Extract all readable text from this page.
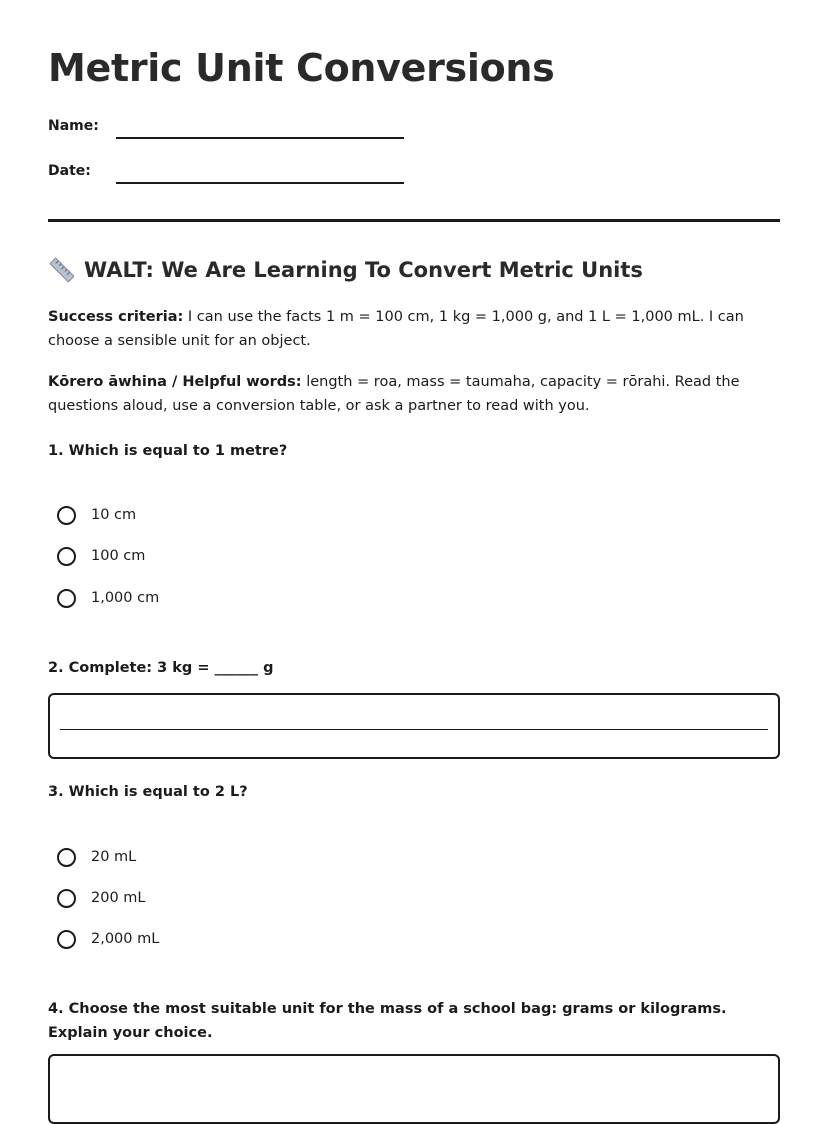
Metric Unit Conversions
Name:
Date:
WALT: We Are Learning To Convert Metric Units
Success criteria: I can use the facts 1 m = 100 cm, 1 kg = 1,000 g, and 1 L = 1,000 mL. I can choose a sensible unit for an object.
Kōrero āwhina / Helpful words: length = roa, mass = taumaha, capacity = rōrahi. Read the questions aloud, use a conversion table, or ask a partner to read with you.
1. Which is equal to 1 metre?
10 cm
100 cm
1,000 cm
2. Complete: 3 kg = ______ g
3. Which is equal to 2 L?
20 mL
200 mL
2,000 mL
4. Choose the most suitable unit for the mass of a school bag: grams or kilograms. Explain your choice.
